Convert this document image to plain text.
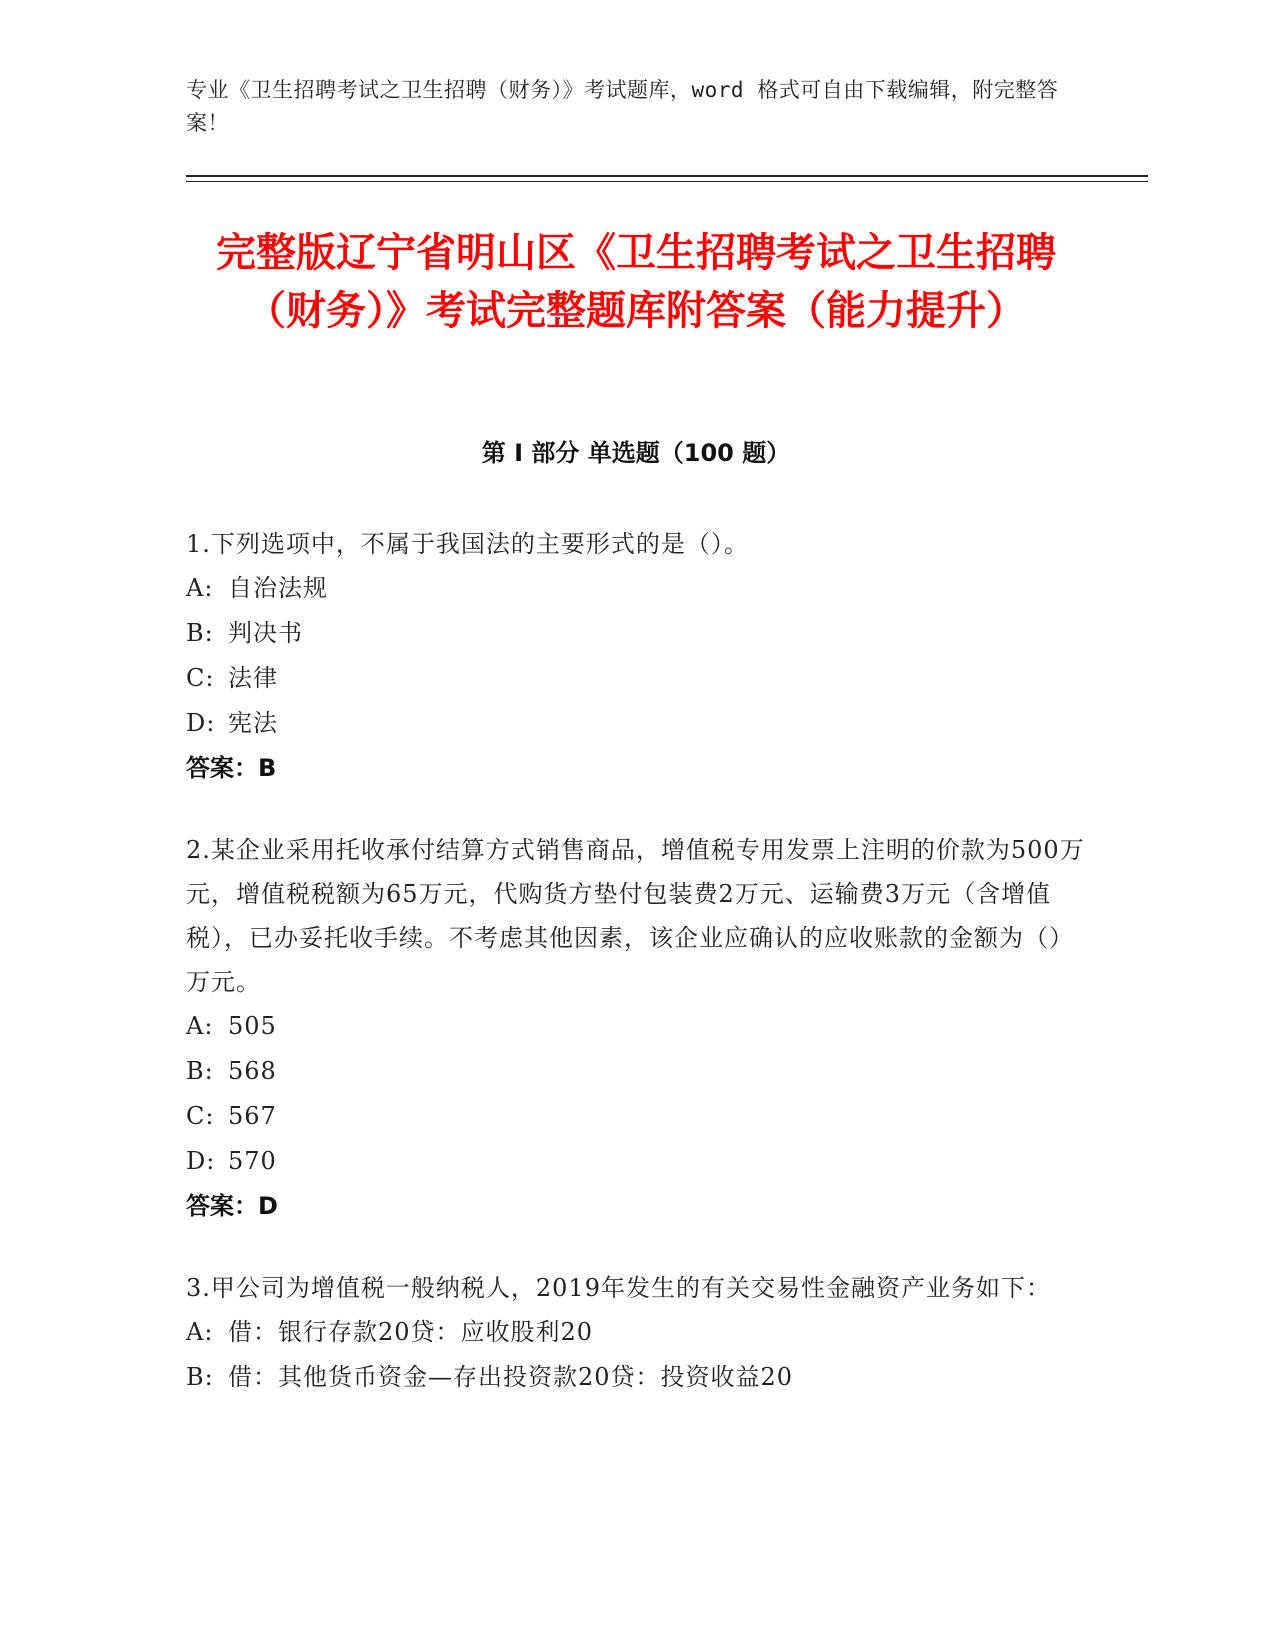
专业《卫生招聘考试之卫生招聘（财务）》考试题库，word 格式可自由下载编辑，附完整答案！
完整版辽宁省明山区《卫生招聘考试之卫生招聘（财务）》考试完整题库附答案（能力提升）
第 I 部分 单选题（100 题）
1.下列选项中，不属于我国法的主要形式的是（）。
A: 自治法规
B: 判决书
C: 法律
D: 宪法
答案：B
2.某企业采用托收承付结算方式销售商品，增值税专用发票上注明的价款为500万元，增值税税额为65万元，代购货方垫付包装费2万元、运输费3万元（含增值税），已办妥托收手续。不考虑其他因素，该企业应确认的应收账款的金额为（）万元。
A: 505
B: 568
C: 567
D: 570
答案：D
3.甲公司为增值税一般纳税人，2019年发生的有关交易性金融资产业务如下：
A: 借：银行存款20贷：应收股利20
B: 借：其他货币资金—存出投资款20贷：投资收益20
